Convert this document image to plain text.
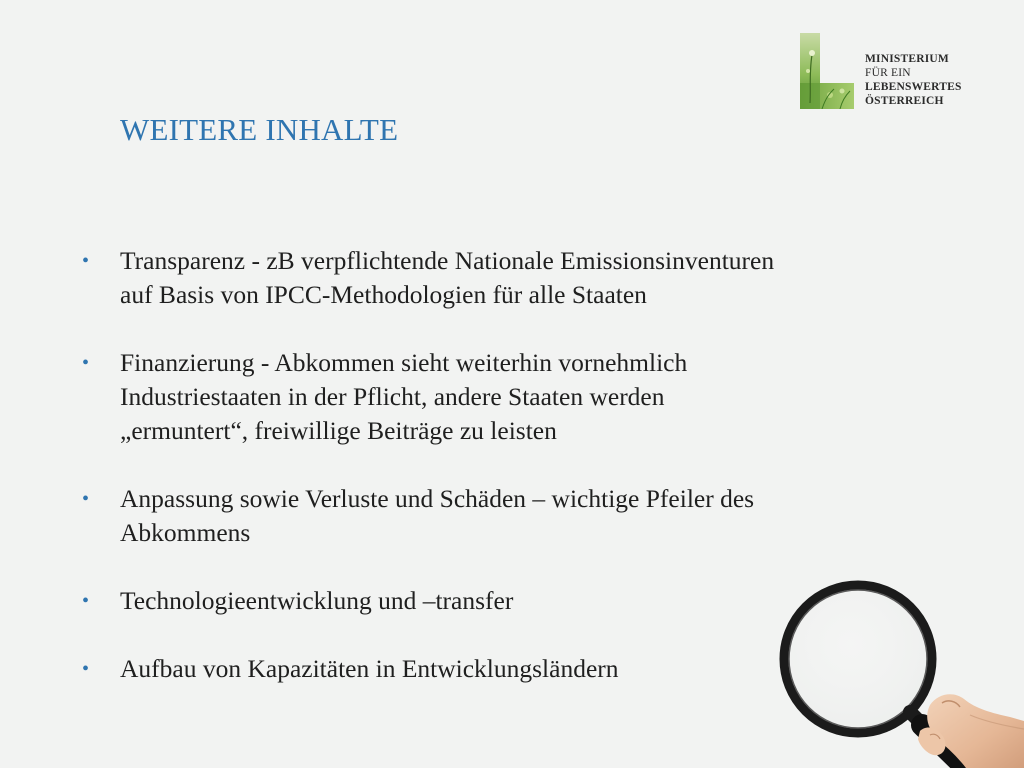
MINISTERIUM
FÜR EIN
LEBENSWERTES
ÖSTERREICH
WEITERE INHALTE
• Transparenz - zB verpflichtende Nationale Emissionsinventuren auf Basis von IPCC-Methodologien für alle Staaten
• Finanzierung - Abkommen sieht weiterhin vornehmlich Industriestaaten in der Pflicht, andere Staaten werden „ermuntert“, freiwillige Beiträge zu leisten
• Anpassung sowie Verluste und Schäden – wichtige Pfeiler des Abkommens
• Technologieentwicklung und –transfer
• Aufbau von Kapazitäten in Entwicklungsländern
